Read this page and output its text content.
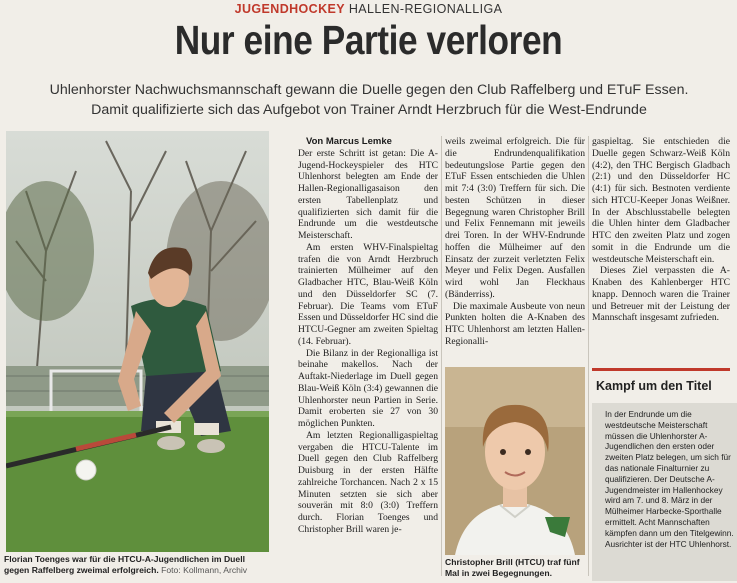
JUGENDHOCKEY HALLEN-REGIONALLIGA
Nur eine Partie verloren
Uhlenhorster Nachwuchsmannschaft gewann die Duelle gegen den Club Raffelberg und ETuF Essen.
Damit qualifizierte sich das Aufgebot von Trainer Arndt Herzbruch für die West-Endrunde
Florian Toenges war für die HTCU-A-Jugendlichen im Duell gegen Raffelberg zweimal erfolgreich. Foto: Kollmann, Archiv

Von Marcus Lemke

Der erste Schritt ist getan: Die A-Jugend-Hockeyspieler des HTC Uhlenhorst belegten am Ende der Hallen-Regionalligasaison den ersten Tabellenplatz und qualifizierten sich damit für die Endrunde um die westdeutsche Meisterschaft.

Am ersten WHV-Finalspieltag trafen die von Arndt Herzbruch trainierten Mülheimer auf den Gladbacher HTC, Blau-Weiß Köln und den Düsseldorfer SC (7. Februar). Die Teams vom ETuF Essen und Düsseldorfer HC sind die HTCU-Gegner am zweiten Spieltag (14. Februar).

Die Bilanz in der Regionalliga ist beinahe makellos. Nach der Auftakt-Niederlage im Duell gegen Blau-Weiß Köln (3:4) gewannen die Uhlenhorster neun Partien in Serie. Damit eroberten sie 27 von 30 möglichen Punkten.

Am letzten Regionalligaspieltag vergaben die HTCU-Talente im Duell gegen den Club Raffelberg Duisburg in der ersten Hälfte zahlreiche Torchancen. Nach 2 x 15 Minuten setzten sie sich aber souverän mit 8:0 (3:0) Treffern durch. Florian Toenges und Christopher Brill waren je-

weils zweimal erfolgreich. Die für die Endrundenqualifikation bedeutungslose Partie gegen den ETuF Essen entschieden die Uhlen mit 7:4 (3:0) Treffern für sich. Die besten Schützen in dieser Begegnung waren Christopher Brill und Felix Fennemann mit jeweils drei Toren. In der WHV-Endrunde hoffen die Mülheimer auf den Einsatz der zurzeit verletzten Felix Meyer und Felix Degen. Ausfallen wird wohl Jan Fleckhaus (Bänderriss).

Die maximale Ausbeute von neun Punkten holten die A-Knaben des HTC Uhlenhorst am letzten Hallen-Regionalli-

Christopher Brill (HTCU) traf fünf Mal in zwei Begegnungen.

gaspieltag. Sie entschieden die Duelle gegen Schwarz-Weiß Köln (4:2), den THC Bergisch Gladbach (2:1) und den Düsseldorfer HC (4:1) für sich. Bestnoten verdiente sich HTCU-Keeper Jonas Weißner. In der Abschlusstabelle belegten die Uhlen hinter dem Gladbacher HTC den zweiten Platz und zogen somit in die Endrunde um die westdeutsche Meisterschaft ein.

Dieses Ziel verpassten die A-Knaben des Kahlenberger HTC knapp. Dennoch waren die Trainer und Betreuer mit der Leistung der Mannschaft insgesamt zufrieden.

Kampf um den Titel
In der Endrunde um die westdeutsche Meisterschaft müssen die Uhlenhorster A-Jugendlichen den ersten oder zweiten Platz belegen, um sich für das nationale Finalturnier zu qualifizieren. Der Deutsche A-Jugendmeister im Hallenhockey wird am 7. und 8. März in der Mülheimer Harbecke-Sporthalle ermittelt. Acht Mannschaften kämpfen dann um den Titelgewinn. Ausrichter ist der HTC Uhlenhorst.
